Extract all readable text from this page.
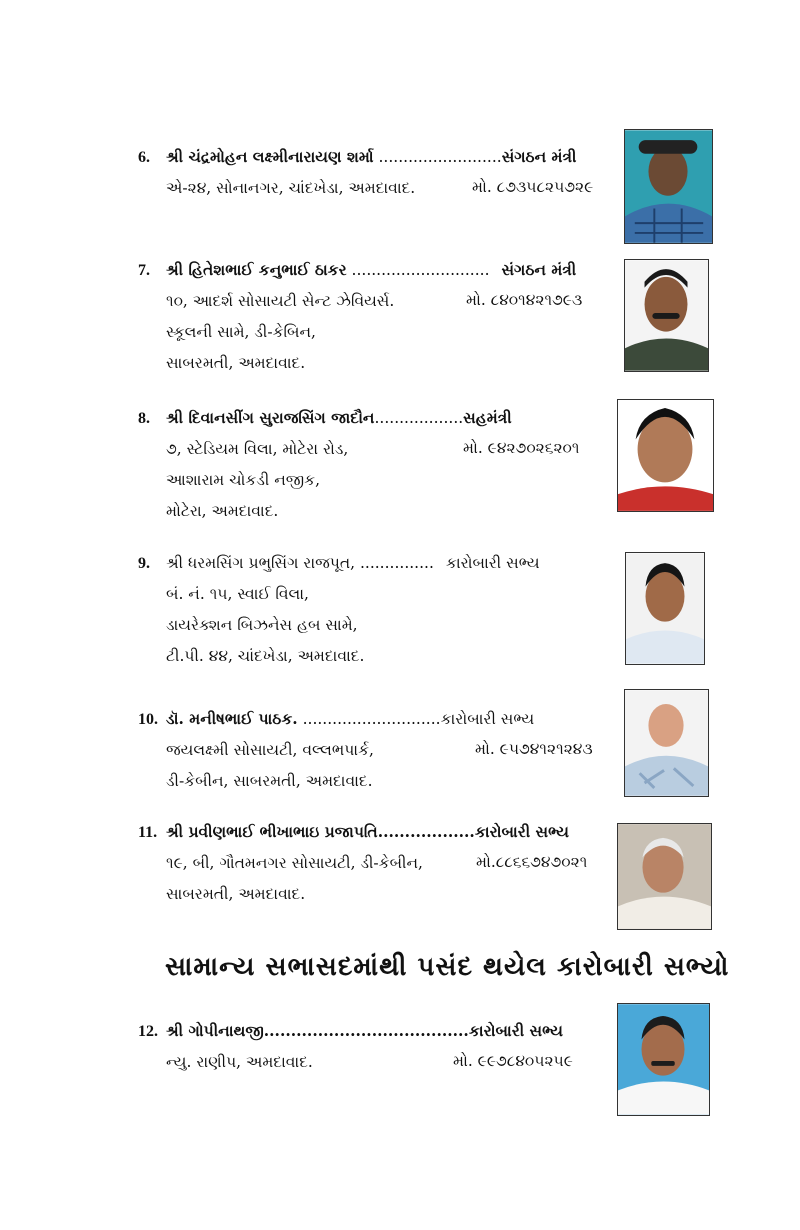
6. શ્રી ચંદ્રમોહન લક્ષ્મીનારાયણ શર્મા .........................સંગઠન મંત્રી
એ-૨૪, સોનાનગર, ચાંદખેડા, અમદાવાદ.	મો. ૮૭૩૫૮૨૫૭૨૯
7. શ્રી હિતેશભાઈ કનુભાઈ ઠાકર ............................ સંગઠન મંત્રી
૧૦, આદર્શ સોસાયટી સેન્ટ ઝેવિયર્સ.
સ્કૂલની સામે, ડી-કેબિન,
સાબરમતી, અમદાવાદ.
મો. ૮૪૦૧૪૨૧૭૯૩
8. શ્રી દિવાનસીંગ સુરાજસિંગ જાદૌન..................સહમંત્રી
૭, સ્ટેડિયમ વિલા, મોટેરા રોડ,
આશારામ ચોકડી નજીક,
મોટેરા, અમદાવાદ.
મો. ૯૪૨૭૦૨૬૨૦૧
9. શ્રી ધરમસિંગ પ્રભુસિંગ રાજપૂત, ............... કારોબારી સભ્ય
બં. નં. ૧૫, સ્વાઈ વિલા,
ડાયરેક્શન બિઝનેસ હબ સામે,
ટી.પી. ૪૪, ચાંદખેડા, અમદાવાદ.
10. ડૉ. મનીષભાઈ પાઠક. ............................કારોબારી સભ્ય
જયલક્ષ્મી સોસાયટી, વલ્લભપાર્ક,
ડી-કેબીન, સાબરમતી, અમદાવાદ.
મો. ૯૫૭૪૧૨૧૨૪૩
11. શ્રી પ્રવીણભાઈ ભીખાભાઇ પ્રજાપતિ..................કારોબારી સભ્ય
૧૯, બી, ગૌતમનગર સોસાયટી, ડી-કેબીન,
સાબરમતી, અમદાવાદ.
મો.૮૮૬૬૭૪૭૦૨૧
સામાન્ય સભાસદમાંથી પસંદ થયેલ કારોબારી સભ્યો
12. શ્રી ગોપીનાથજી......................................કારોબારી સભ્ય
ન્યુ. રાણીપ, અમદાવાદ.	મો. ૯૯૭૮૪૦૫૨૫૯
